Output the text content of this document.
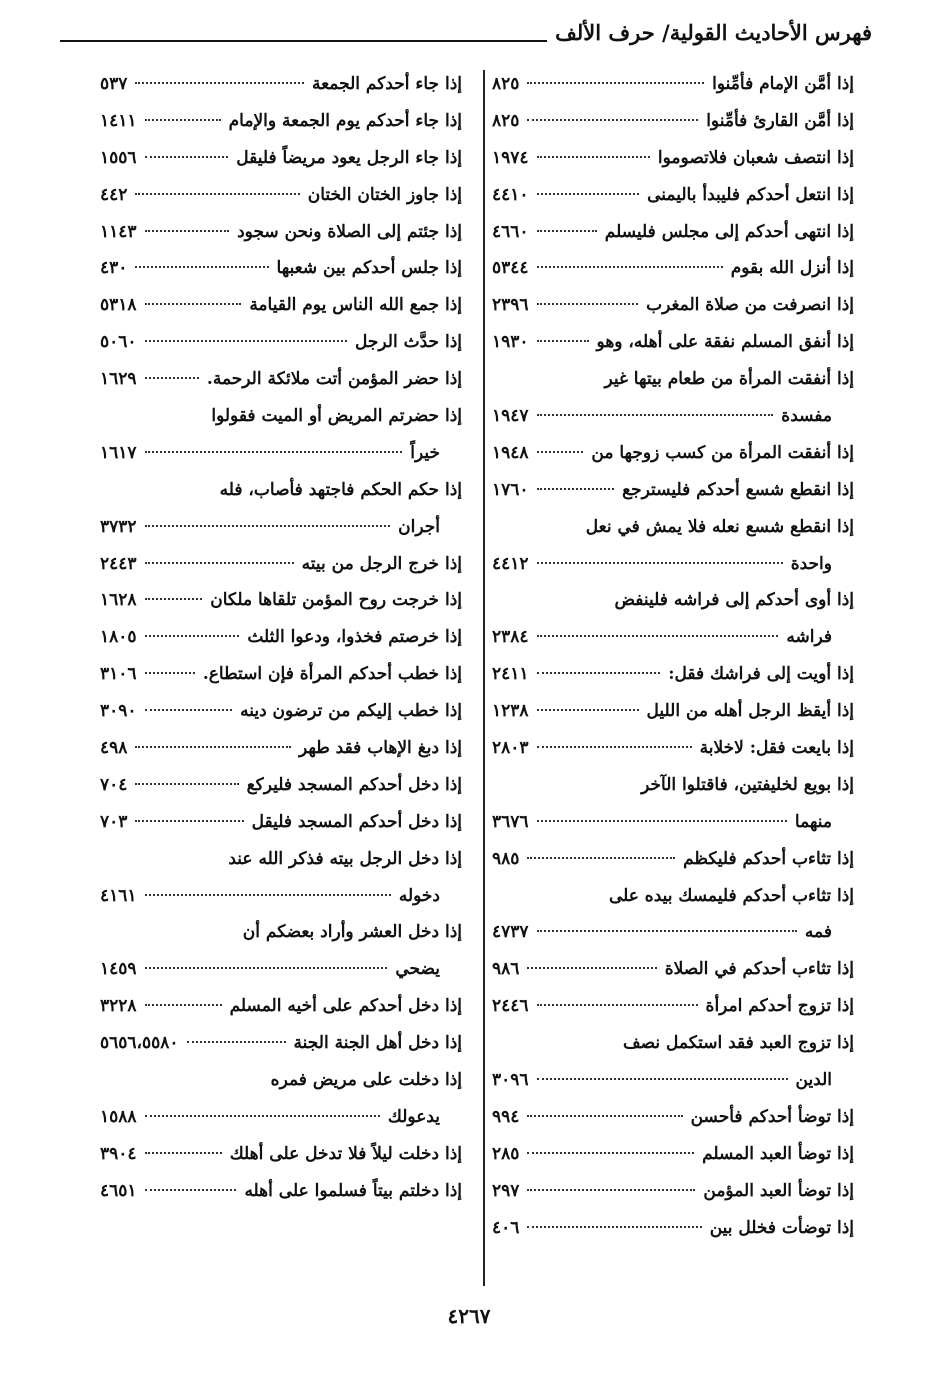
فهرس الأحاديث القولية/ حرف الألف
إذا أمَّن الإمام فأمِّنوا
٨٢٥
إذا أمَّن القارئ فأمِّنوا
٨٢٥
إذا انتصف شعبان فلاتصوموا
١٩٧٤
إذا انتعل أحدكم فليبدأ باليمنى
٤٤١٠
إذا انتهى أحدكم إلى مجلس فليسلم
٤٦٦٠
إذا أنزل الله بقوم
٥٣٤٤
إذا انصرفت من صلاة المغرب
٢٣٩٦
إذا أنفق المسلم نفقة على أهله، وهو
١٩٣٠
إذا أنفقت المرأة من طعام بيتها غير
مفسدة
١٩٤٧
إذا أنفقت المرأة من كسب زوجها من
١٩٤٨
إذا انقطع شسع أحدكم فليسترجع
١٧٦٠
إذا انقطع شسع نعله فلا يمش في نعل
واحدة
٤٤١٢
إذا أوى أحدكم إلى فراشه فلينفض
فراشه
٢٣٨٤
إذا أويت إلى فراشك فقل:
٢٤١١
إذا أيقظ الرجل أهله من الليل
١٢٣٨
إذا بايعت فقل: لاخلابة
٢٨٠٣
إذا بويع لخليفتين، فاقتلوا الآخر
منهما
٣٦٧٦
إذا تثاءب أحدكم فليكظم
٩٨٥
إذا تثاءب أحدكم فليمسك بيده على
فمه
٤٧٣٧
إذا تثاءب أحدكم في الصلاة
٩٨٦
إذا تزوج أحدكم امرأة
٢٤٤٦
إذا تزوج العبد فقد استكمل نصف
الدين
٣٠٩٦
إذا توضأ أحدكم فأحسن
٩٩٤
إذا توضأ العبد المسلم
٢٨٥
إذا توضأ العبد المؤمن
٢٩٧
إذا توضأت فخلل بين
٤٠٦
إذا جاء أحدكم الجمعة
٥٣٧
إذا جاء أحدكم يوم الجمعة والإمام
١٤١١
إذا جاء الرجل يعود مريضاً فليقل
١٥٥٦
إذا جاوز الختان الختان
٤٤٢
إذا جئتم إلى الصلاة ونحن سجود
١١٤٣
إذا جلس أحدكم بين شعبها
٤٣٠
إذا جمع الله الناس يوم القيامة
٥٣١٨
إذا حدَّث الرجل
٥٠٦٠
إذا حضر المؤمن أتت ملائكة الرحمة.
١٦٢٩
إذا حضرتم المريض أو الميت فقولوا
خيراً
١٦١٧
إذا حكم الحكم فاجتهد فأصاب، فله
أجران
٣٧٣٢
إذا خرج الرجل من بيته
٢٤٤٣
إذا خرجت روح المؤمن تلقاها ملكان
١٦٢٨
إذا خرصتم فخذوا، ودعوا الثلث
١٨٠٥
إذا خطب أحدكم المرأة فإن استطاع.
٣١٠٦
إذا خطب إليكم من ترضون دينه
٣٠٩٠
إذا دبغ الإهاب فقد طهر
٤٩٨
إذا دخل أحدكم المسجد فليركع
٧٠٤
إذا دخل أحدكم المسجد فليقل
٧٠٣
إذا دخل الرجل بيته فذكر الله عند
دخوله
٤١٦١
إذا دخل العشر وأراد بعضكم أن
يضحي
١٤٥٩
إذا دخل أحدكم على أخيه المسلم
٣٢٢٨
إذا دخل أهل الجنة الجنة
٥٦٥٦،٥٥٨٠
إذا دخلت على مريض فمره
يدعولك
١٥٨٨
إذا دخلت ليلاً فلا تدخل على أهلك
٣٩٠٤
إذا دخلتم بيتاً فسلموا على أهله
٤٦٥١
٤٢٦٧
